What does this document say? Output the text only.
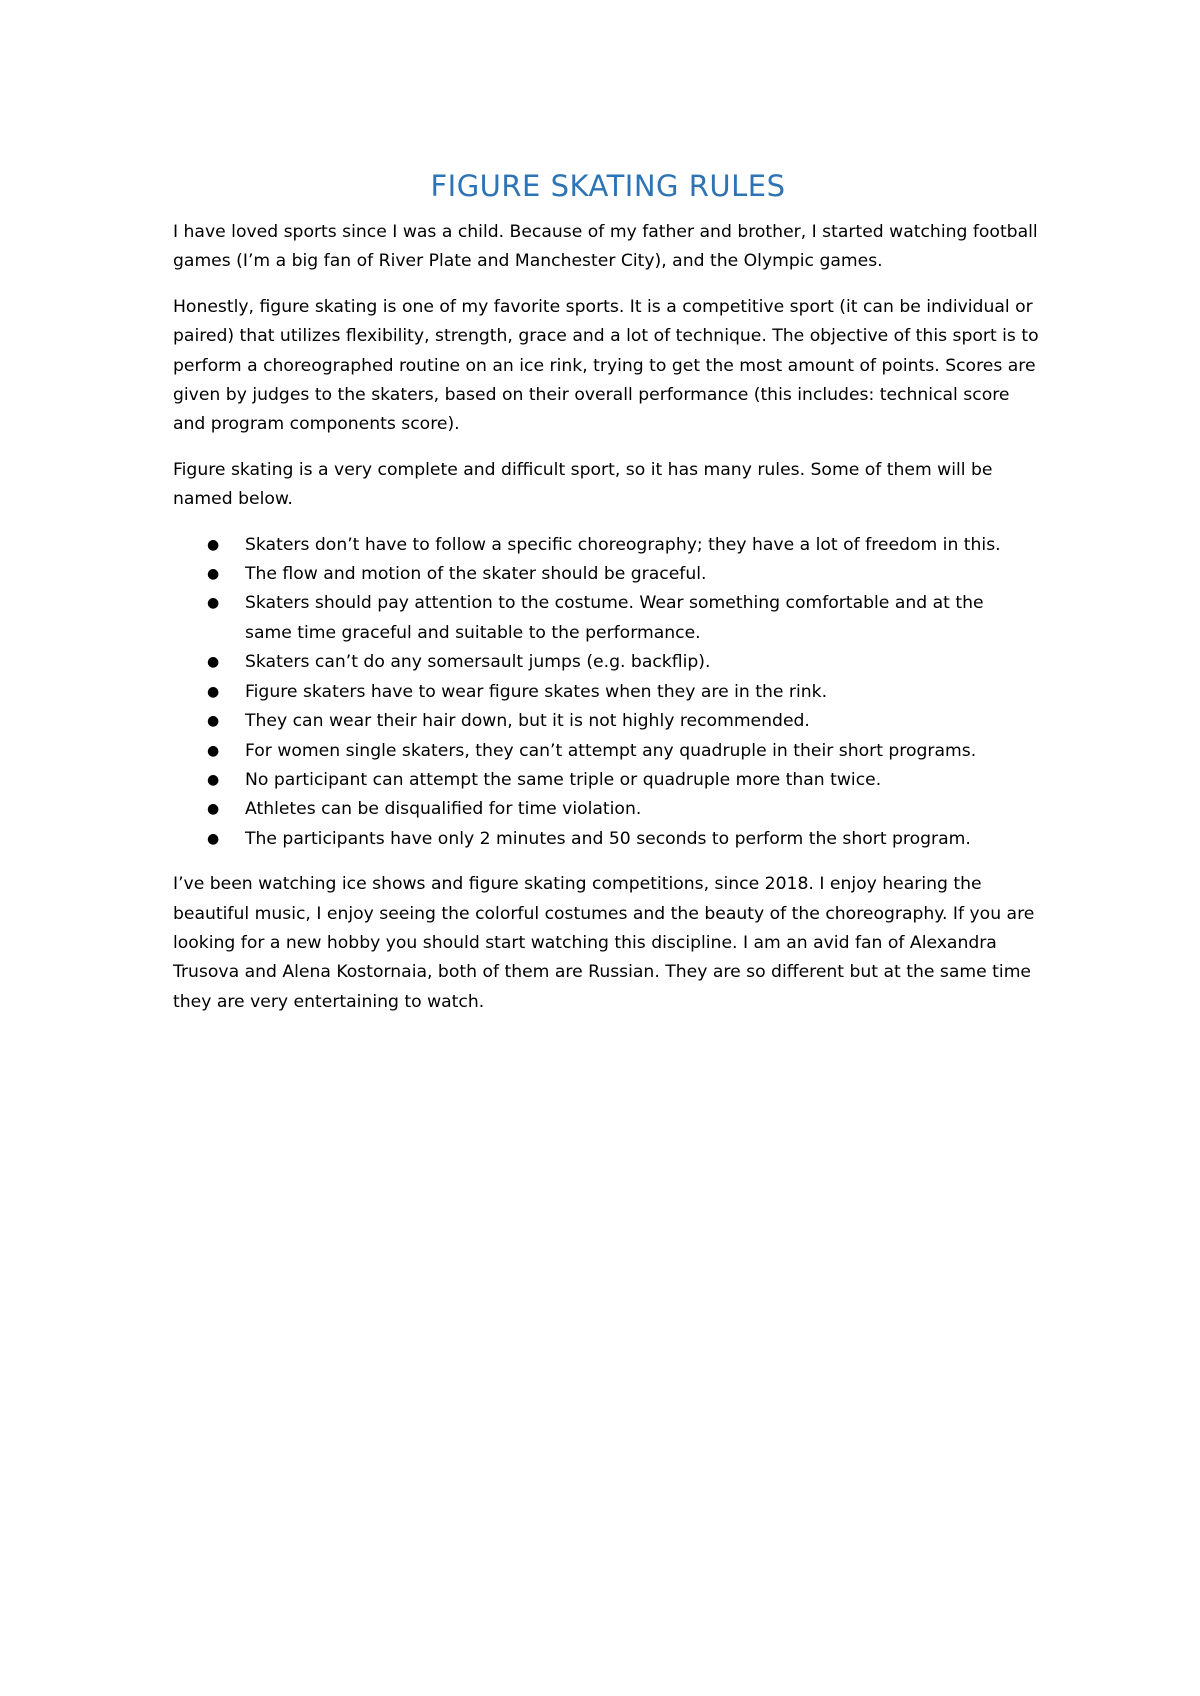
FIGURE SKATING RULES

I have loved sports since I was a child. Because of my father and brother, I started watching football games (I’m a big fan of River Plate and Manchester City), and the Olympic games.

Honestly, figure skating is one of my favorite sports. It is a competitive sport (it can be individual or paired) that utilizes flexibility, strength, grace and a lot of technique. The objective of this sport is to perform a choreographed routine on an ice rink, trying to get the most amount of points. Scores are given by judges to the skaters, based on their overall performance (this includes: technical score and program components score).

Figure skating is a very complete and difficult sport, so it has many rules. Some of them will be named below.

● Skaters don’t have to follow a specific choreography; they have a lot of freedom in this.
● The flow and motion of the skater should be graceful.
● Skaters should pay attention to the costume. Wear something comfortable and at the same time graceful and suitable to the performance.
● Skaters can’t do any somersault jumps (e.g. backflip).
● Figure skaters have to wear figure skates when they are in the rink.
● They can wear their hair down, but it is not highly recommended.
● For women single skaters, they can’t attempt any quadruple in their short programs.
● No participant can attempt the same triple or quadruple more than twice.
● Athletes can be disqualified for time violation.
● The participants have only 2 minutes and 50 seconds to perform the short program.

I’ve been watching ice shows and figure skating competitions, since 2018. I enjoy hearing the beautiful music, I enjoy seeing the colorful costumes and the beauty of the choreography. If you are looking for a new hobby you should start watching this discipline. I am an avid fan of Alexandra Trusova and Alena Kostornaia, both of them are Russian. They are so different but at the same time they are very entertaining to watch.
